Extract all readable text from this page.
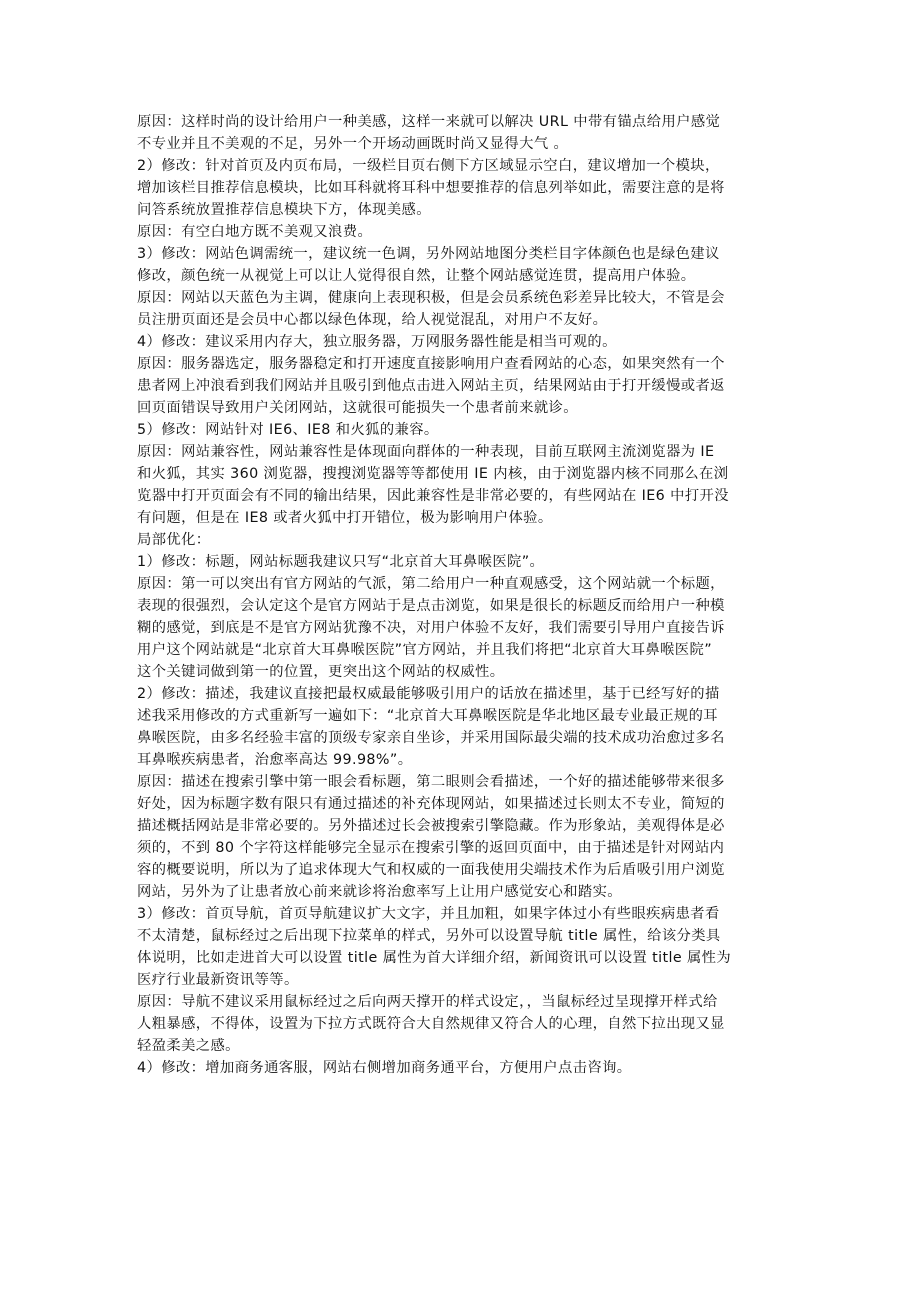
原因：这样时尚的设计给用户一种美感，这样一来就可以解决 URL 中带有锚点给用户感觉
不专业并且不美观的不足，另外一个开场动画既时尚又显得大气 。
2）修改：针对首页及内页布局，一级栏目页右侧下方区域显示空白，建议增加一个模块，
增加该栏目推荐信息模块，比如耳科就将耳科中想要推荐的信息列举如此，需要注意的是将
问答系统放置推荐信息模块下方，体现美感。
原因：有空白地方既不美观又浪费。
3）修改：网站色调需统一，建议统一色调，另外网站地图分类栏目字体颜色也是绿色建议
修改，颜色统一从视觉上可以让人觉得很自然，让整个网站感觉连贯，提高用户体验。
原因：网站以天蓝色为主调，健康向上表现积极，但是会员系统色彩差异比较大，不管是会
员注册页面还是会员中心都以绿色体现，给人视觉混乱，对用户不友好。
4）修改：建议采用内存大，独立服务器，万网服务器性能是相当可观的。
原因：服务器选定，服务器稳定和打开速度直接影响用户查看网站的心态，如果突然有一个
患者网上冲浪看到我们网站并且吸引到他点击进入网站主页，结果网站由于打开缓慢或者返
回页面错误导致用户关闭网站，这就很可能损失一个患者前来就诊。
5）修改：网站针对 IE6、IE8 和火狐的兼容。
原因：网站兼容性，网站兼容性是体现面向群体的一种表现，目前互联网主流浏览器为 IE
和火狐，其实 360 浏览器，搜搜浏览器等等都使用 IE 内核，由于浏览器内核不同那么在浏
览器中打开页面会有不同的输出结果，因此兼容性是非常必要的，有些网站在 IE6 中打开没
有问题，但是在 IE8 或者火狐中打开错位，极为影响用户体验。
局部优化：
1）修改：标题，网站标题我建议只写“北京首大耳鼻喉医院”。
原因：第一可以突出有官方网站的气派，第二给用户一种直观感受，这个网站就一个标题，
表现的很强烈，会认定这个是官方网站于是点击浏览，如果是很长的标题反而给用户一种模
糊的感觉，到底是不是官方网站犹豫不决，对用户体验不友好，我们需要引导用户直接告诉
用户这个网站就是“北京首大耳鼻喉医院”官方网站，并且我们将把“北京首大耳鼻喉医院”
这个关键词做到第一的位置，更突出这个网站的权威性。
2）修改：描述，我建议直接把最权威最能够吸引用户的话放在描述里，基于已经写好的描
述我采用修改的方式重新写一遍如下：“北京首大耳鼻喉医院是华北地区最专业最正规的耳
鼻喉医院，由多名经验丰富的顶级专家亲自坐诊，并采用国际最尖端的技术成功治愈过多名
耳鼻喉疾病患者，治愈率高达 99.98%”。
原因：描述在搜索引擎中第一眼会看标题，第二眼则会看描述，一个好的描述能够带来很多
好处，因为标题字数有限只有通过描述的补充体现网站，如果描述过长则太不专业，简短的
描述概括网站是非常必要的。另外描述过长会被搜索引擎隐藏。作为形象站，美观得体是必
须的，不到 80 个字符这样能够完全显示在搜索引擎的返回页面中，由于描述是针对网站内
容的概要说明，所以为了追求体现大气和权威的一面我使用尖端技术作为后盾吸引用户浏览
网站，另外为了让患者放心前来就诊将治愈率写上让用户感觉安心和踏实。
3）修改：首页导航，首页导航建议扩大文字，并且加粗，如果字体过小有些眼疾病患者看
不太清楚，鼠标经过之后出现下拉菜单的样式，另外可以设置导航 title 属性，给该分类具
体说明，比如走进首大可以设置 title 属性为首大详细介绍，新闻资讯可以设置 title 属性为
医疗行业最新资讯等等。
原因：导航不建议采用鼠标经过之后向两天撑开的样式设定，，当鼠标经过呈现撑开样式给
人粗暴感，不得体，设置为下拉方式既符合大自然规律又符合人的心理，自然下拉出现又显
轻盈柔美之感。
4）修改：增加商务通客服，网站右侧增加商务通平台，方便用户点击咨询。
